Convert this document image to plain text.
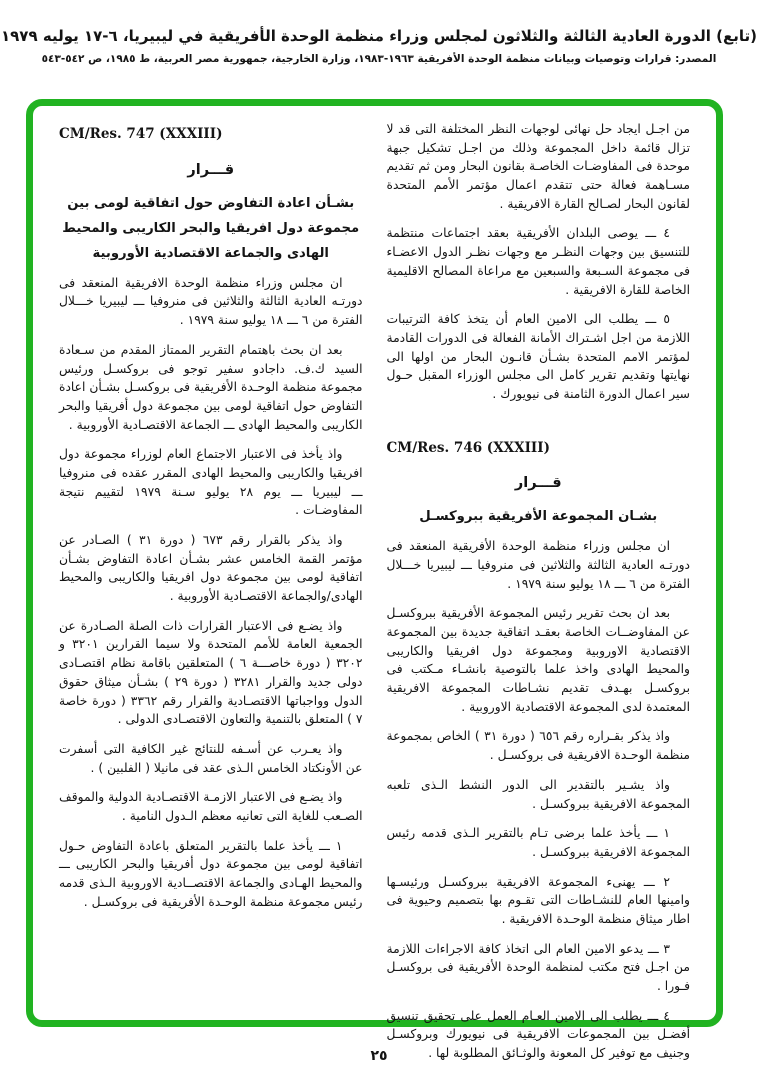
(تابع) الدورة العادية الثالثة والثلاثون لمجلس وزراء منظمة الوحدة الأفريقية في ليبيريا، ٦-١٧ يوليه ١٩٧٩
المصدر: قرارات وتوصيات وبيانات منظمة الوحدة الأفريقية ١٩٦٣-١٩٨٣، وزارة الخارجية، جمهورية مصر العربية، ط ١٩٨٥، ص ٥٤٢-٥٤٣
CM/Res. 747 (XXXIII)
قـــرار
بشـأن اعادة التفاوض حول اتفاقية لومى بين
مجموعة دول افريقيا والبحر الكاريبى والمحيط
الهادى والجماعة الاقتصادية الأوروبية

ان مجلس وزراء منظمة الوحدة الافريقية المنعقد فى دورتـه العادية الثالثة والثلاثين فى منروفيا ـــ ليبيريا خـــلال الفترة من ٦ ـــ ١٨ يوليو سنة ١٩٧٩ .

بعد ان بحث باهتمام التقرير الممتاز المقدم من سـعادة السيد ك.ف. داجادو سفير توجو فى بروكسـل ورئيس مجموعة منظمة الوحـدة الأفريقية فى بروكسـل بشـأن اعادة التفاوض حول اتفاقية لومى بين مجموعة دول أفريقيا والبحر الكاريبى والمحيط الهادى ـــ الجماعة الاقتصـادية الأوروبية .

واذ يأخذ فى الاعتبار الاجتماع العام لوزراء مجموعة دول افريقيا والكاريبى والمحيط الهادى المقرر عقده فى منروفيا ـــ ليبيريا ـــ يوم ٢٨ يوليو سـنة ١٩٧٩ لتقييم نتيجة المفاوضـات .

واذ يذكر بالقرار رقم ٦٧٣ ( دورة ٣١ ) الصـادر عن مؤتمر القمة الخامس عشر بشـأن اعادة التفاوض بشـأن اتفاقية لومى بين مجموعة دول افريقيا والكاريبى والمحيط الهادى/والجماعة الاقتصـادية الأوروبية .

واذ يضـع فى الاعتبار القرارات ذات الصلة الصـادرة عن الجمعية العامة للأمم المتحدة ولا سيما القرارين ٣٢٠١ و ٣٢٠٢ ( دورة خاصـــة ٦ ) المتعلقين باقامة نظام اقتصـادى دولى جديد والقرار ٣٢٨١ ( دورة ٢٩ ) بشـأن ميثاق حقوق الدول وواجباتها الاقتصـادية والقرار رقم ٣٣٦٢ ( دورة خاصة ٧ ) المتعلق بالتنمية والتعاون الاقتصـادى الدولى .

واذ يعـرب عن أسـفه للنتائج غير الكافية التى أسفرت عن الأونكتاد الخامس الـذى عقد فى مانيلا ( الفلبين ) .

واذ يضـع فى الاعتبار الازمـة الاقتصـادية الدولية والموقف الصـعب للغاية التى تعانيه معظم الـدول النامية .

١ ـــ يأخذ علما بالتقرير المتعلق باعادة التفاوض حـول اتفاقية لومى بين مجموعة دول أفريقيا والبحر الكاريبى ـــ والمحيط الهـادى والجماعة الاقتصــادية الاوروبية الـذى قدمه رئيس مجموعة منظمة الوحـدة الأفريقية فى بروكسـل .

من اجـل ايجاد حل نهائى لوجهات النظر المختلفة التى قد لا تزال قائمة داخل المجموعة وذلك من اجـل تشكيل جبهة موحدة فى المفاوضـات الخاصـة بقانون البحار ومن ثم تقديم مسـاهمة فعالة حتى تتقدم اعمال مؤتمر الأمم المتحدة لقانون البحار لصـالح القارة الافريقية .

٤ ـــ يوصى البلدان الأفريقية بعقد اجتماعات منتظمة للتنسيق بين وجهات النظـر مع وجهات نظـر الدول الاعضـاء فى مجموعة السـبعة والسبعين مع مراعاة المصالح الاقليمية الخاصة للقارة الافريقية .

٥ ـــ يطلب الى الامين العام أن يتخذ كافة الترتيبات اللازمة من اجل اشـتراك الأمانة الفعالة فى الدورات القادمة لمؤتمر الامم المتحدة بشـأن قانـون البحار من اولها الى نهايتها وتقديم تقرير كامل الى مجلس الوزراء المقبل حـول سير اعمال الدورة الثامنة فى نيويورك .

CM/Res. 746 (XXXIII)
قـــرار
بشـان المجموعة الأفريقية ببروكسـل

ان مجلس وزراء منظمة الوحدة الأفريقية المنعقد فى دورتـه العادية الثالثة والثلاثين فى منروفيا ـــ ليبيريا خـــلال الفترة من ٦ ـــ ١٨ يوليو سنة ١٩٧٩ .

بعد ان بحث تقرير رئيس المجموعة الأفريقية ببروكسـل عن المفاوضــات الخاصة بعقـد اتفاقية جديدة بين المجموعة الاقتصادية الاوروبية ومجموعة دول افريقيا والكاريبى والمحيط الهادى واخذ علما بالتوصية بانشـاء مـكتب فى بروكسـل بهـدف تقديم نشـاطات المجموعة الافريقية المعتمدة لدى المجموعة الاقتصادية الاوروبية .

واذ يذكر بقـراره رقم ٦٥٦ ( دورة ٣١ ) الخاص بمجموعة منظمة الوحـدة الافريقية فى بروكسـل .

واذ يشـير بالتقدير الى الدور النشط الـذى تلعبه المجموعة الافريقية ببروكسـل .

١ ـــ يأخذ علما برضى تـام بالتقرير الـذى قدمه رئيس المجموعة الافريقية ببروكسـل .

٢ ـــ يهنىء المجموعة الافريقية ببروكسـل ورئيسـها وامينها العام للنشـاطات التى تقـوم بها بتصميم وحيوية فى اطار ميثاق منظمة الوحـدة الافريقية .

٣ ـــ يدعو الامين العام الى اتخاذ كافة الاجراءات اللازمة من اجـل فتح مكتب لمنظمة الوحدة الأفريقية فى بروكسـل فـورا .

٤ ـــ يطلب الى الامين العـام العمل على تحقيق تنسيق أفضـل بين المجموعات الافريقية فى نيويورك وبروكسـل وجنيف مع توفير كل المعونة والوثـائق المطلوبة لها .

٢٥
